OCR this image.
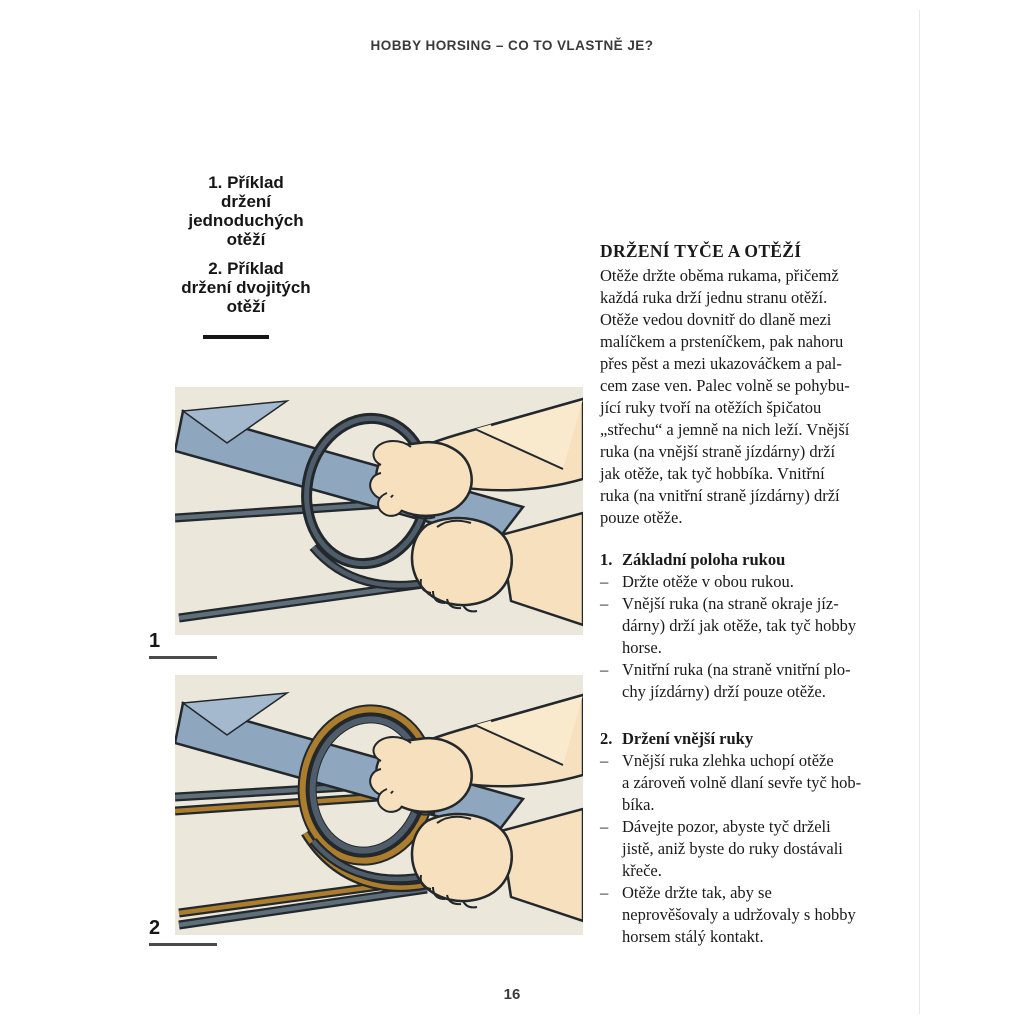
HOBBY HORSING – CO TO VLASTNĚ JE?
1. Příklad
držení
jednoduchých
otěží
2. Příklad
držení dvojitých
otěží
1
2
DRŽENÍ TYČE A OTĚŽÍ

Otěže držte oběma rukama, přičemž
každá ruka drží jednu stranu otěží.
Otěže vedou dovnitř do dlaně mezi
malíčkem a prsteníčkem, pak nahoru
přes pěst a mezi ukazováčkem a pal-
cem zase ven. Palec volně se pohybu-
jící ruky tvoří na otěžích špičatou
„střechu“ a jemně na nich leží. Vnější
ruka (na vnější straně jízdárny) drží
jak otěže, tak tyč hobbíka. Vnitřní
ruka (na vnitřní straně jízdárny) drží
pouze otěže.

1. Základní poloha rukou
– Držte otěže v obou rukou.
– Vnější ruka (na straně okraje jíz-
dárny) drží jak otěže, tak tyč hobby
horse.
– Vnitřní ruka (na straně vnitřní plo-
chy jízdárny) drží pouze otěže.
2. Držení vnější ruky
– Vnější ruka zlehka uchopí otěže
a zároveň volně dlaní sevře tyč hob-
bíka.
– Dávejte pozor, abyste tyč drželi
jistě, aniž byste do ruky dostávali
křeče.
– Otěže držte tak, aby se
neprověšovaly a udržovaly s hobby
horsem stálý kontakt.
16
